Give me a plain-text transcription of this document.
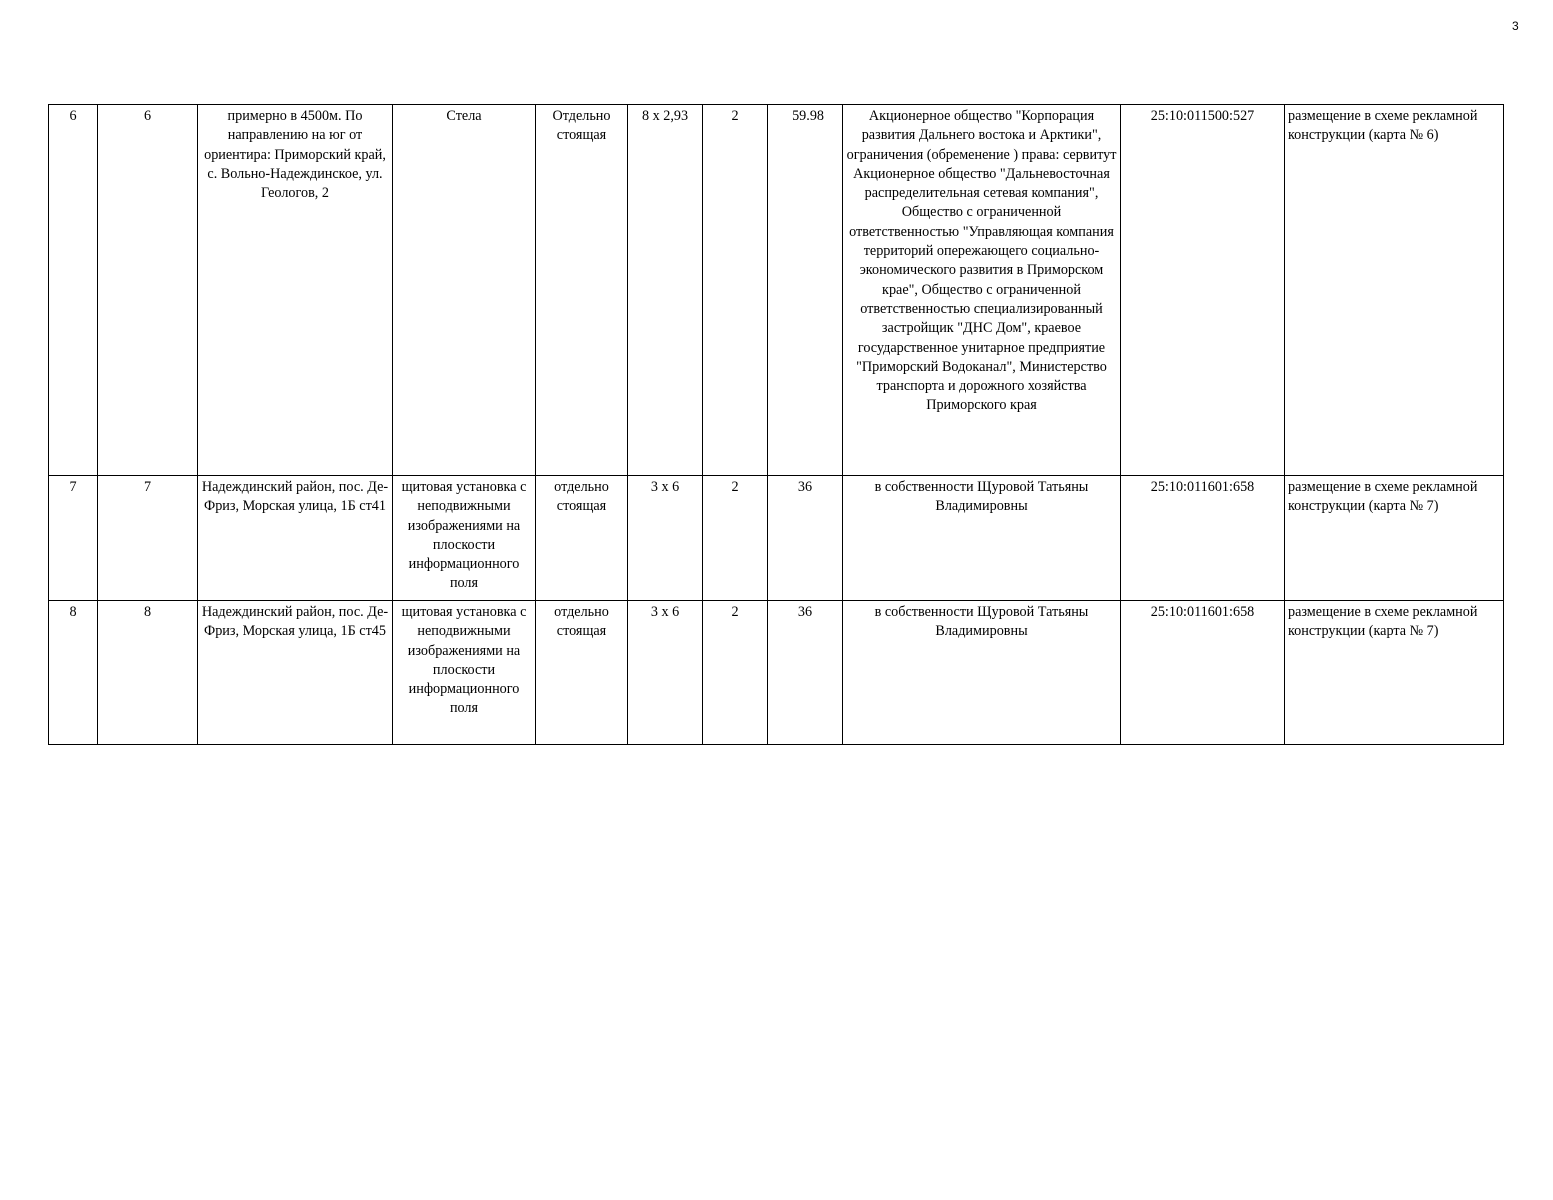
3
6	6	примерно в 4500м. По направлению на юг от ориентира: Приморский край, с. Вольно-Надеждинское, ул. Геологов, 2	Стела	Отдельно стоящая	8 х 2,93	2	59.98	Акционерное общество "Корпорация развития Дальнего востока и Арктики", ограничения (обременение ) права: сервитут Акционерное общество "Дальневосточная распределительная сетевая компания", Общество с ограниченной ответственностью "Управляющая компания территорий опережающего социально-экономического развития в Приморском крае", Общество с ограниченной ответственностью специализированный застройщик "ДНС Дом", краевое государственное унитарное предприятие "Приморский Водоканал", Министерство транспорта и дорожного хозяйства Приморского края	25:10:011500:527	размещение в схеме рекламной конструкции (карта № 6)
7	7	Надеждинский район, пос. Де-Фриз, Морская улица, 1Б ст41	щитовая установка с неподвижными изображениями на плоскости информационного поля	отдельно стоящая	3 х 6	2	36	в собственности Щуровой Татьяны Владимировны	25:10:011601:658	размещение в схеме рекламной конструкции (карта № 7)
8	8	Надеждинский район, пос. Де-Фриз, Морская улица, 1Б ст45	щитовая установка с неподвижными изображениями на плоскости информационного поля	отдельно стоящая	3 х 6	2	36	в собственности Щуровой Татьяны Владимировны	25:10:011601:658	размещение в схеме рекламной конструкции (карта № 7)
